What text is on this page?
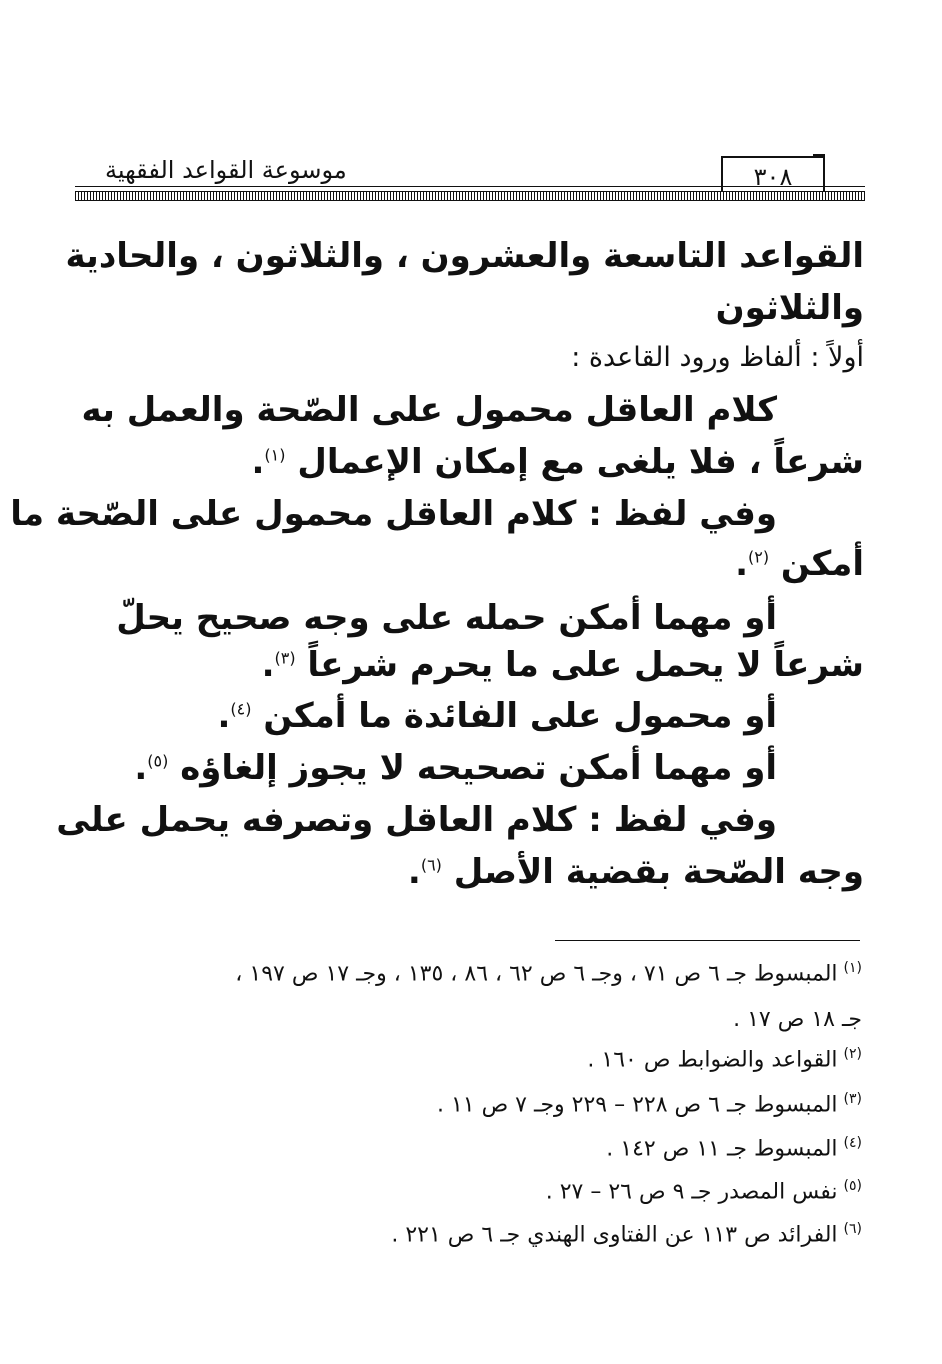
٣٠٨
موسوعة القواعد الفقهية
القواعد التاسعة والعشرون ، والثلاثون ، والحادية
والثلاثون
أولاً : ألفاظ ورود القاعدة :
كلام العاقل محمول على الصّحة والعمل به
شرعاً ، فلا يلغى مع إمكان الإعمال $^{(١)}$.
وفي لفظ : كلام العاقل محمول على الصّحة ما
أمكن $^{(٢)}$.
أو مهما أمكن حمله على وجه صحيح يحلّ
شرعاً لا يحمل على ما يحرم شرعاً $^{(٣)}$.
أو محمول على الفائدة ما أمكن $^{(٤)}$.
أو مهما أمكن تصحيحه لا يجوز إلغاؤه $^{(٥)}$.
وفي لفظ : كلام العاقل وتصرفه يحمل على
وجه الصّحة بقضية الأصل $^{(٦)}$.
$^{(١)}$المبسوط جـ ٦ ص ٧١ ، وجـ ٦ ص ٦٢ ، ٨٦ ، ١٣٥ ، وجـ ١٧ ص ١٩٧ ،
جـ ١٨ ص ١٧ .
$^{(٢)}$القواعد والضوابط ص ١٦٠ .
$^{(٣)}$المبسوط جـ ٦ ص ٢٢٨ – ٢٢٩ وجـ ٧ ص ١١ .
$^{(٤)}$المبسوط جـ ١١ ص ١٤٢ .
$^{(٥)}$نفس المصدر جـ ٩ ص ٢٦ – ٢٧ .
$^{(٦)}$الفرائد ص ١١٣ عن الفتاوى الهندي جـ ٦ ص ٢٢١ .
